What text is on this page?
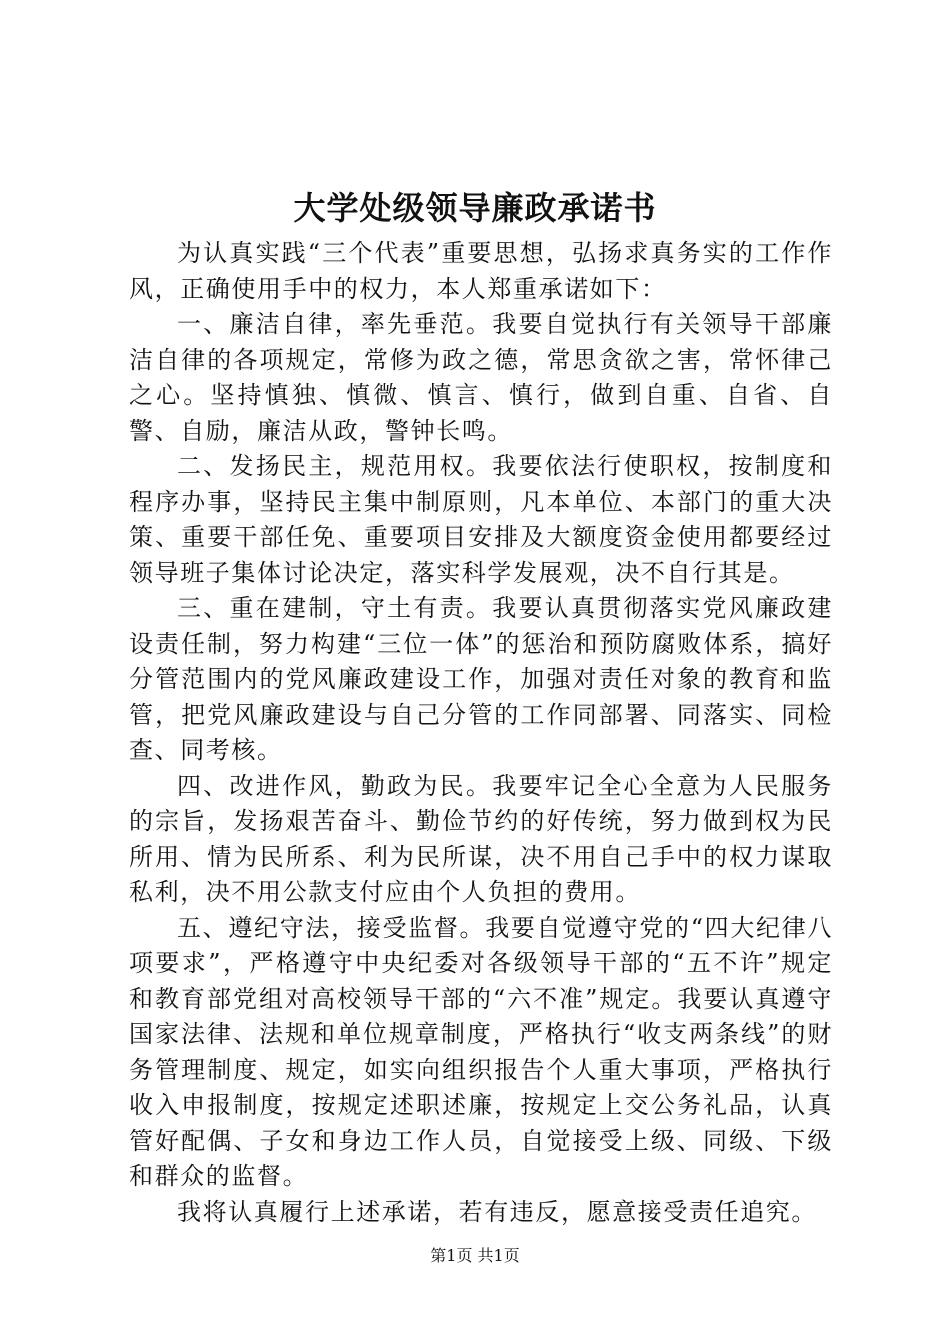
大学处级领导廉政承诺书

为认真实践“三个代表”重要思想，弘扬求真务实的工作作风，正确使用手中的权力，本人郑重承诺如下：

一、廉洁自律，率先垂范。我要自觉执行有关领导干部廉洁自律的各项规定，常修为政之德，常思贪欲之害，常怀律己之心。坚持慎独、慎微、慎言、慎行，做到自重、自省、自警、自励，廉洁从政，警钟长鸣。

二、发扬民主，规范用权。我要依法行使职权，按制度和程序办事，坚持民主集中制原则，凡本单位、本部门的重大决策、重要干部任免、重要项目安排及大额度资金使用都要经过领导班子集体讨论决定，落实科学发展观，决不自行其是。

三、重在建制，守土有责。我要认真贯彻落实党风廉政建设责任制，努力构建“三位一体”的惩治和预防腐败体系，搞好分管范围内的党风廉政建设工作，加强对责任对象的教育和监管，把党风廉政建设与自己分管的工作同部署、同落实、同检查、同考核。

四、改进作风，勤政为民。我要牢记全心全意为人民服务的宗旨，发扬艰苦奋斗、勤俭节约的好传统，努力做到权为民所用、情为民所系、利为民所谋，决不用自己手中的权力谋取私利，决不用公款支付应由个人负担的费用。

五、遵纪守法，接受监督。我要自觉遵守党的“四大纪律八项要求”，严格遵守中央纪委对各级领导干部的“五不许”规定和教育部党组对高校领导干部的“六不准”规定。我要认真遵守国家法律、法规和单位规章制度，严格执行“收支两条线”的财务管理制度、规定，如实向组织报告个人重大事项，严格执行收入申报制度，按规定述职述廉，按规定上交公务礼品，认真管好配偶、子女和身边工作人员，自觉接受上级、同级、下级和群众的监督。

我将认真履行上述承诺，若有违反，愿意接受责任追究。

第1页 共1页
